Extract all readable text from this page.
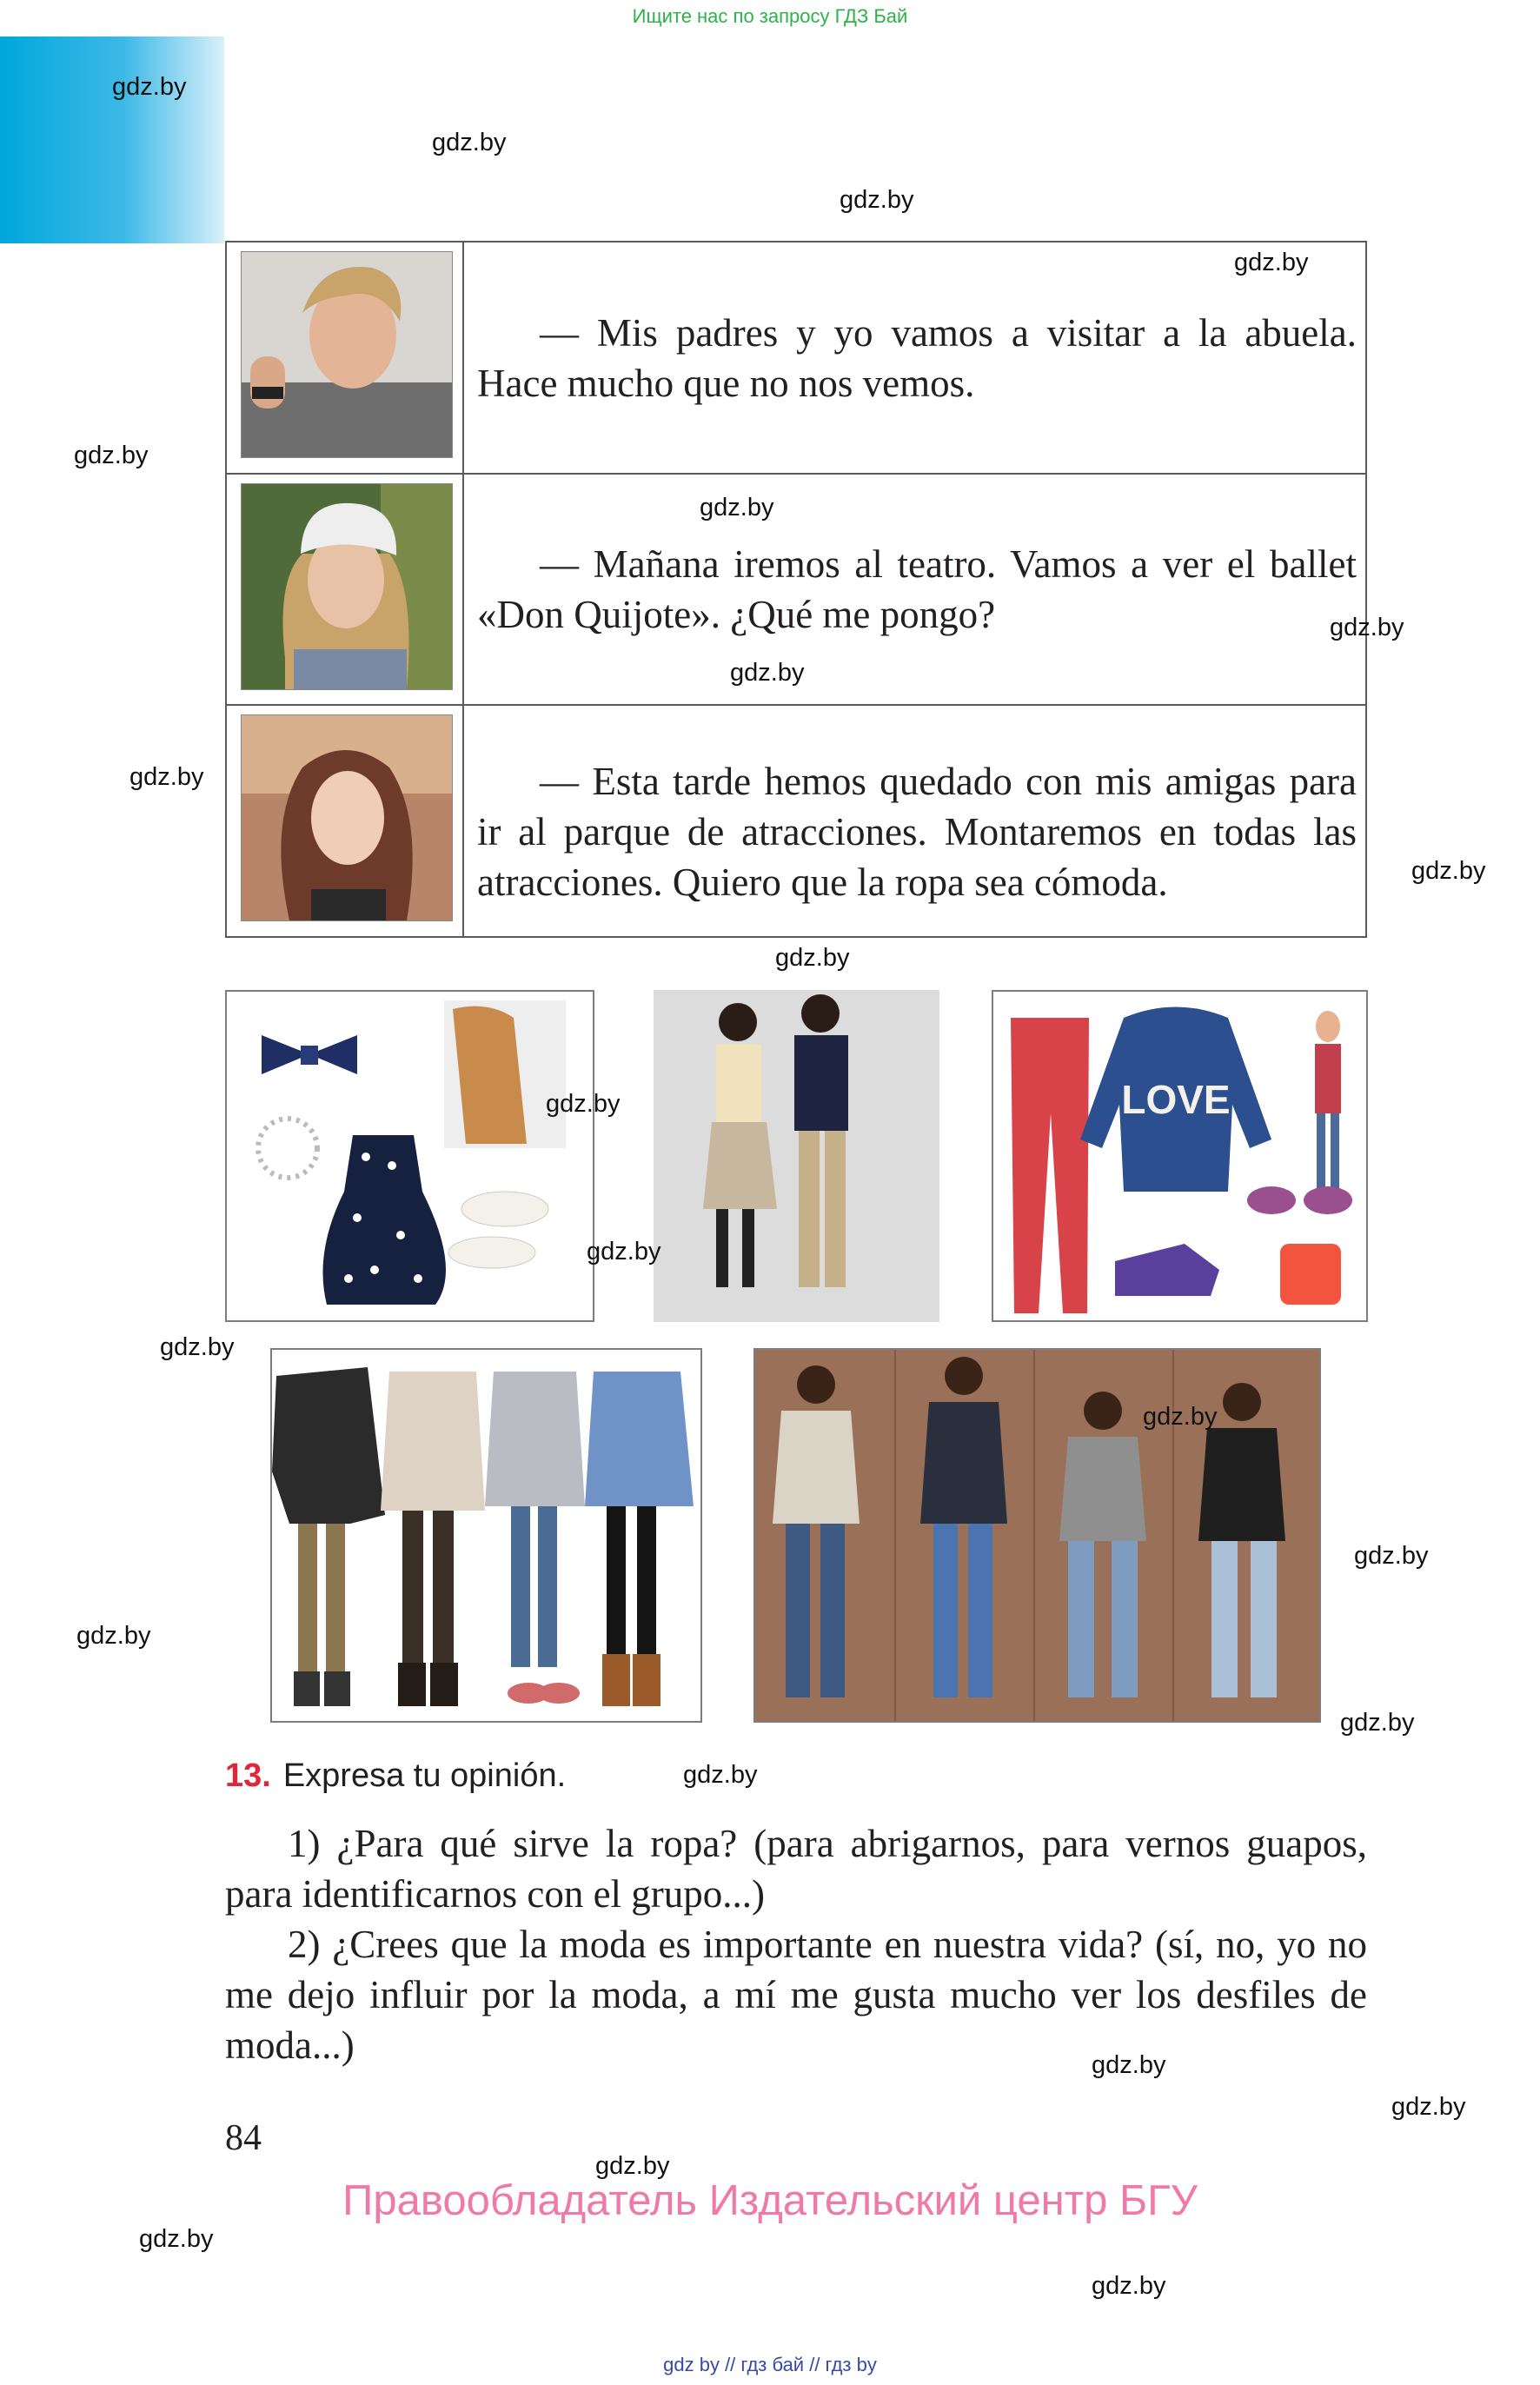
Ищите нас по запросу ГДЗ Бай
— Mis padres y yo vamos a visitar a la abuela. Hace mucho que no nos vemos.
— Mañana iremos al teatro. Vamos a ver el ballet «Don Quijote». ¿Qué me pongo?
— Esta tarde hemos quedado con mis amigas para ir al parque de atracciones. Montaremos en todas las atracciones. Quiero que la ropa sea cómoda.
LOVE
13. Expresa tu opinión.
1) ¿Para qué sirve la ropa? (para abrigarnos, para vernos guapos, para identificarnos con el grupo...)
2) ¿Crees que la moda es importante en nuestra vida? (sí, no, yo no me dejo influir por la moda, a mí me gusta mucho ver los desfiles de moda...)
84
Правообладатель Издательский центр БГУ
gdz by // гдз бай // гдз by
gdz.by
gdz.by
gdz.by
gdz.by
gdz.by
gdz.by
gdz.by
gdz.by
gdz.by
gdz.by
gdz.by
gdz.by
gdz.by
gdz.by
gdz.by
gdz.by
gdz.by
gdz.by
gdz.by
gdz.by
gdz.by
gdz.by
gdz.by
gdz.by
